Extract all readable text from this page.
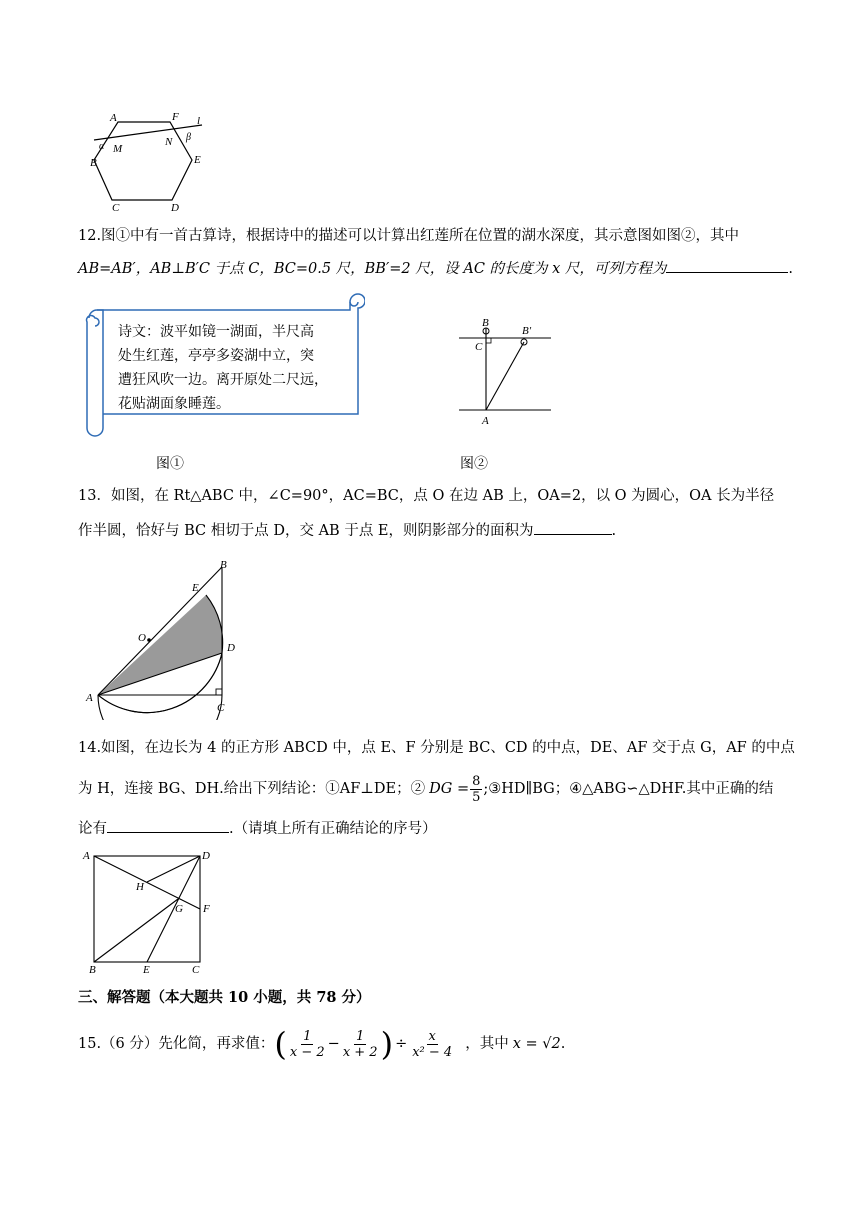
A	F l
α M
N β
B	E
C	D
12.图①中有一首古算诗，根据诗中的描述可以计算出红莲所在位置的湖水深度，其示意图如图②，其中
AB=AB′，AB⊥B′C 于点 C，BC=0.5 尺，BB′=2 尺，设 AC 的长度为 x 尺，可列方程为	.
诗文：波平如镜一湖面，半尺高
处生红莲，亭亭多姿湖中立，突
遭狂风吹一边。离开原处二尺远，
花贴湖面象睡莲。
B
B′
C
A
图①	图②
13．如图，在 Rt△ABC 中，∠C=90°，AC=BC，点 O 在边 AB 上，OA=2，以 O 为圆心，OA 长为半径
作半圆，恰好与 BC 相切于点 D，交 AB 于点 E，则阴影部分的面积为	.
B
E
O
D
A
C
14.如图，在边长为 4 的正方形 ABCD 中，点 E、F 分别是 BC、CD 的中点，DE、AF 交于点 G，AF 的中点
为 H，连接 BG、DH.给出下列结论：①AF⊥DE；② DG = $\frac{8}{5}$ ;③HD∥BG；④△ABG∽△DHF.其中正确的结
论有	.（请填上所有正确结论的序号）
A	D
H
G F
B	E	C
三、解答题（本大题共 10 小题，共 78 分）
15.（6 分）先化简，再求值： ( $\frac{1}{x - 2} - \frac{1}{x + 2}$ ) ÷ $\frac{x}{\text{x² − 4}}$ ，其中 x = √2 .
